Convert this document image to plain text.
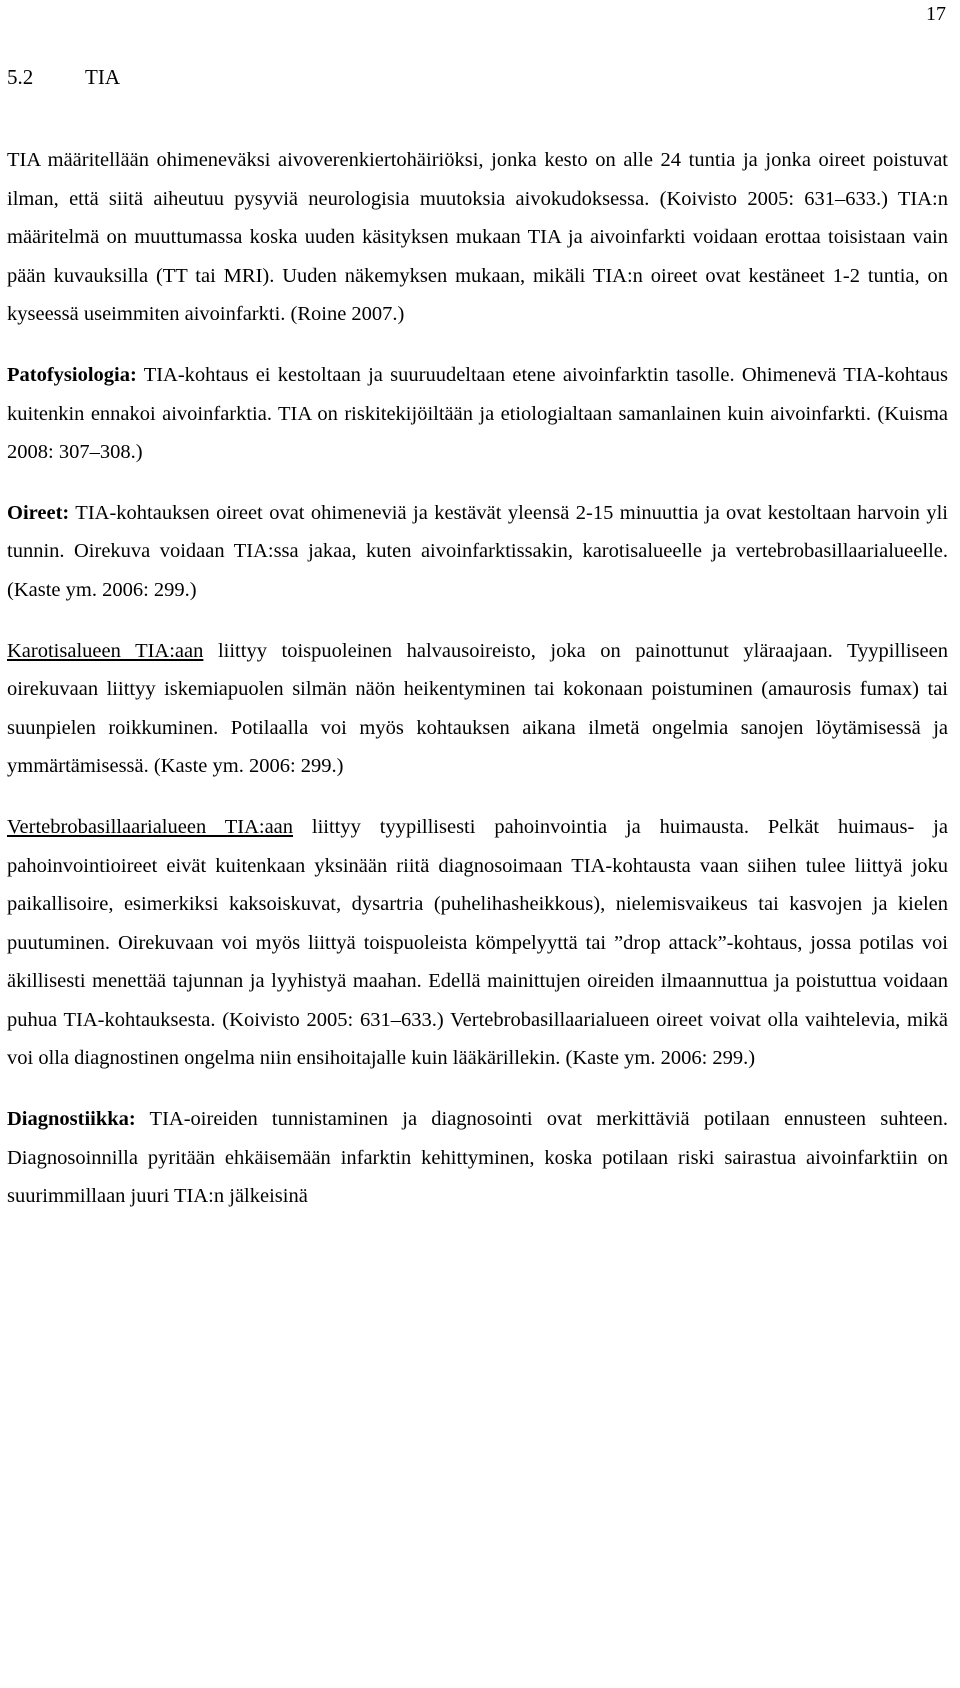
17
5.2 TIA

TIA määritellään ohimeneväksi aivoverenkiertohäiriöksi, jonka kesto on alle 24 tuntia ja jonka oireet poistuvat ilman, että siitä aiheutuu pysyviä neurologisia muutoksia aivokudoksessa. (Koivisto 2005: 631–633.) TIA:n määritelmä on muuttumassa koska uuden käsityksen mukaan TIA ja aivoinfarkti voidaan erottaa toisistaan vain pään kuvauksilla (TT tai MRI). Uuden näkemyksen mukaan, mikäli TIA:n oireet ovat kestäneet 1-2 tuntia, on kyseessä useimmiten aivoinfarkti. (Roine 2007.)

Patofysiologia: TIA-kohtaus ei kestoltaan ja suuruudeltaan etene aivoinfarktin tasolle. Ohimenevä TIA-kohtaus kuitenkin ennakoi aivoinfarktia. TIA on riskitekijöiltään ja etiologialtaan samanlainen kuin aivoinfarkti. (Kuisma 2008: 307–308.)

Oireet: TIA-kohtauksen oireet ovat ohimeneviä ja kestävät yleensä 2-15 minuuttia ja ovat kestoltaan harvoin yli tunnin. Oirekuva voidaan TIA:ssa jakaa, kuten aivoinfarktissakin, karotisalueelle ja vertebrobasillaarialueelle. (Kaste ym. 2006: 299.)

Karotisalueen TIA:aan liittyy toispuoleinen halvausoireisto, joka on painottunut yläraajaan. Tyypilliseen oirekuvaan liittyy iskemiapuolen silmän näön heikentyminen tai kokonaan poistuminen (amaurosis fumax) tai suunpielen roikkuminen. Potilaalla voi myös kohtauksen aikana ilmetä ongelmia sanojen löytämisessä ja ymmärtämisessä. (Kaste ym. 2006: 299.)

Vertebrobasillaarialueen TIA:aan liittyy tyypillisesti pahoinvointia ja huimausta. Pelkät huimaus- ja pahoinvointioireet eivät kuitenkaan yksinään riitä diagnosoimaan TIA-kohtausta vaan siihen tulee liittyä joku paikallisoire, esimerkiksi kaksoiskuvat, dysartria (puhelihasheikkous), nielemisvaikeus tai kasvojen ja kielen puutuminen. Oirekuvaan voi myös liittyä toispuoleista kömpelyyttä tai ”drop attack”-kohtaus, jossa potilas voi äkillisesti menettää tajunnan ja lyyhistyä maahan. Edellä mainittujen oireiden ilmaannuttua ja poistuttua voidaan puhua TIA-kohtauksesta. (Koivisto 2005: 631–633.) Vertebrobasillaarialueen oireet voivat olla vaihtelevia, mikä voi olla diagnostinen ongelma niin ensihoitajalle kuin lääkärillekin. (Kaste ym. 2006: 299.)

Diagnostiikka: TIA-oireiden tunnistaminen ja diagnosointi ovat merkittäviä potilaan ennusteen suhteen. Diagnosoinnilla pyritään ehkäisemään infarktin kehittyminen, koska potilaan riski sairastua aivoinfarktiin on suurimmillaan juuri TIA:n jälkeisinä
